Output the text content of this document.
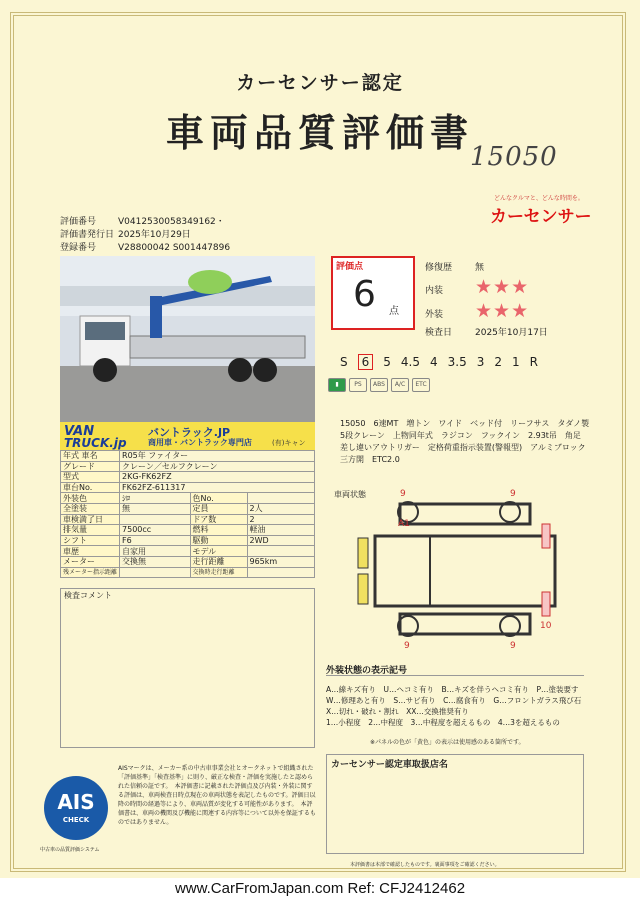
カーセンサー認定
車両品質評価書
15050
どんなクルマと、どんな時間を。
カーセンサー
評価番号 V0412530058349162・
評価書発行日 2025年10月29日
登録番号 V28800042 S001447896
VAN
TRUCK.jp
バントラック.JP
商用車・バントラック専門店	(有)キャン
年式 車名	R05年 ファイター		
グレード	クレーン／セルフクレーン		
型式	2KG-FK62FZ		
車台No.	FK62FZ-611317		
外装色	ｼﾛ	色No.	
全塗装	無	定員	2人
車検満了日		ドア数	2
排気量	7500cc	燃料	軽油
シフト	F6	駆動	2WD
車歴	自家用	モデル	
メーター	交換無	走行距離	965km
残メーター指示距離		交換時走行距離	
検査コメント
AISマークは、メーカー系の中古車事業会社とオークネットで組織された「評価基準」「検査基準」に則り、厳正な検査・評価を実施したと認められた信頼の証です。　本評価書に記載された評価点及び内装・外装に関する評価は、車両検査日時点現在の車両状態を表記したものです。評価日以降の時間の経過等により、車両品質が変化する可能性があります。　本評価書は、車両の機関及び機能に関連する内容等について以外を保証するものではありません。
AIS
CHECK
中古車の品質評価システム
評価点
6 点
修復歴	無
内装 ★★★
外装 ★★★
検査日	2025年10月17日
S 6 5 4.5 4 3.5 3 2 1 R
▮	PS ABS A/C ETC
15050　6速MT　増トン　ワイド　ベッド付　リーフサス　タダノ製5段クレーン　上物同年式　ラジコン　フックイン　2.93t吊　角足　差し違いアウトリガー　定格荷重指示装置(警報型)　アルミブロック　三方開　ETC2.0
車両状態	9	9
A1
9	9
10
外装状態の表示記号
A…線キズ有り　U…ヘコミ有り　B…キズを伴うヘコミ有り　P…塗装要す
W…修理あと有り　S…サビ有り　C…腐食有り　G…フロントガラス飛び石
X…切れ・破れ・割れ　XX…交換推奨有り
1…小程度　2…中程度　3…中程度を超えるもの　4…3を超えるもの
※パネルの色が「黄色」の表示は使用感のある箇所です。
カーセンサー認定車取扱店名
本評価書は本部で確認したものです。裏面事項をご確認ください。
www.CarFromJapan.com Ref: CFJ2412462
